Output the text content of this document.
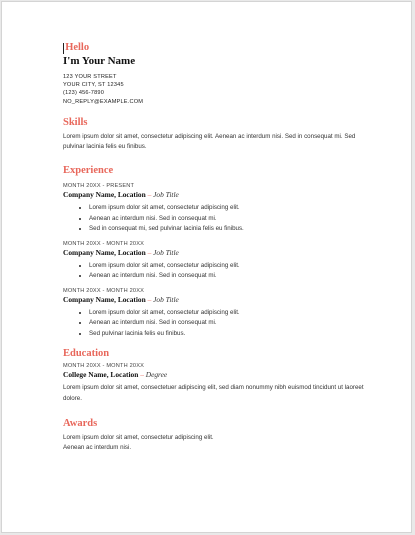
Hello
I'm Your Name
123 YOUR STREET
YOUR CITY, ST 12345
(123) 456-7890
NO_REPLY@EXAMPLE.COM
Skills

Lorem ipsum dolor sit amet, consectetur adipiscing elit. Aenean ac interdum nisi. Sed in consequat mi. Sed pulvinar lacinia felis eu finibus.

Experience
MONTH 20XX - PRESENT
Company Name, Location – Job Title
• Lorem ipsum dolor sit amet, consectetur adipiscing elit.
• Aenean ac interdum nisi. Sed in consequat mi.
• Sed in consequat mi, sed pulvinar lacinia felis eu finibus.
MONTH 20XX - MONTH 20XX
Company Name, Location – Job Title
• Lorem ipsum dolor sit amet, consectetur adipiscing elit.
• Aenean ac interdum nisi. Sed in consequat mi.
MONTH 20XX - MONTH 20XX
Company Name, Location – Job Title
• Lorem ipsum dolor sit amet, consectetur adipiscing elit.
• Aenean ac interdum nisi. Sed in consequat mi.
• Sed pulvinar lacinia felis eu finibus.
Education
MONTH 20XX - MONTH 20XX
College Name, Location – Degree

Lorem ipsum dolor sit amet, consectetuer adipiscing elit, sed diam nonummy nibh euismod tincidunt ut laoreet dolore.

Awards

Lorem ipsum dolor sit amet, consectetur adipiscing elit.
Aenean ac interdum nisi.
